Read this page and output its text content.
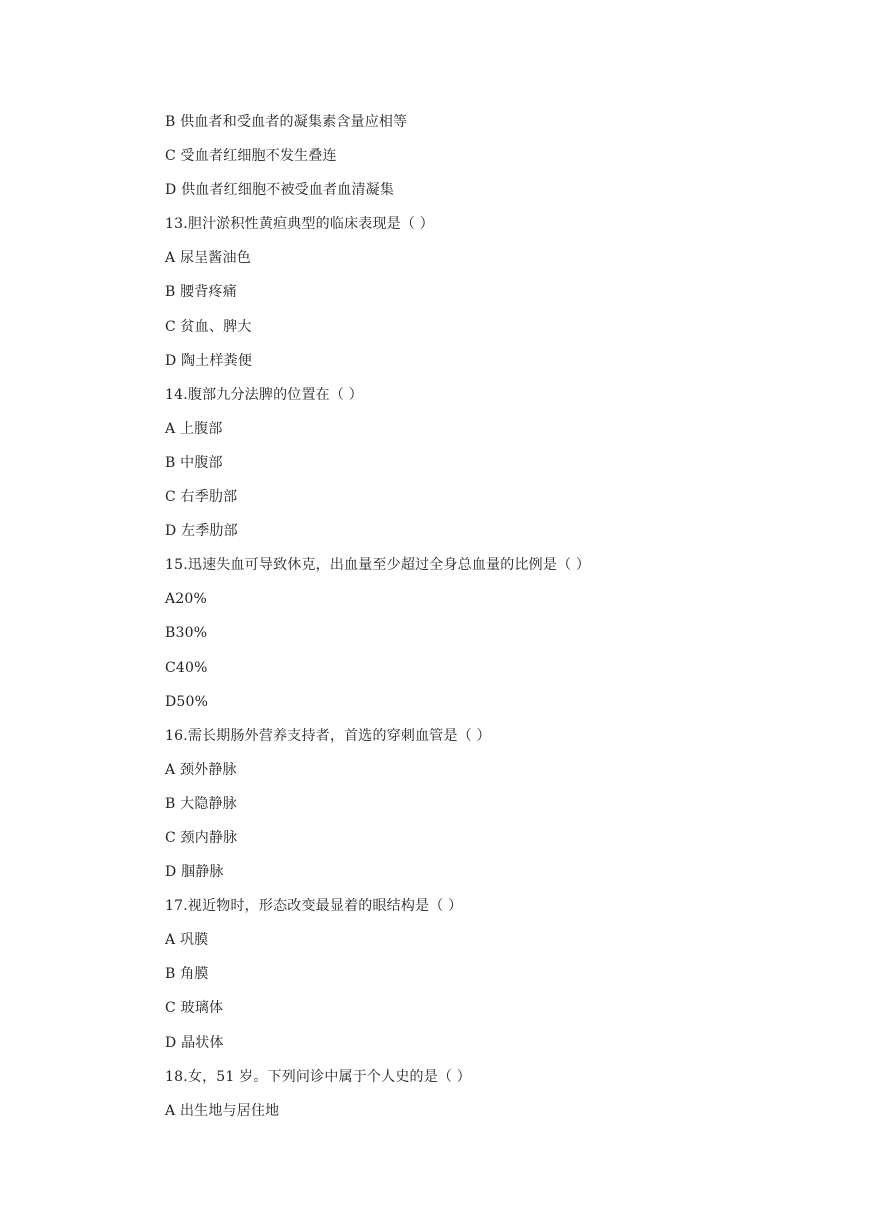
B 供血者和受血者的凝集素含量应相等
C 受血者红细胞不发生叠连
D 供血者红细胞不被受血者血清凝集
13.胆汁淤积性黄疸典型的临床表现是（ ）
A 尿呈酱油色
B 腰背疼痛
C 贫血、脾大
D 陶土样粪便
14.腹部九分法脾的位置在（ ）
A 上腹部
B 中腹部
C 右季肋部
D 左季肋部
15.迅速失血可导致休克，出血量至少超过全身总血量的比例是（ ）
A20%
B30%
C40%
D50%
16.需长期肠外营养支持者，首选的穿刺血管是（ ）
A 颈外静脉
B 大隐静脉
C 颈内静脉
D 腘静脉
17.视近物时，形态改变最显着的眼结构是（ ）
A 巩膜
B 角膜
C 玻璃体
D 晶状体
18.女，51 岁。下列问诊中属于个人史的是（ ）
A 出生地与居住地
